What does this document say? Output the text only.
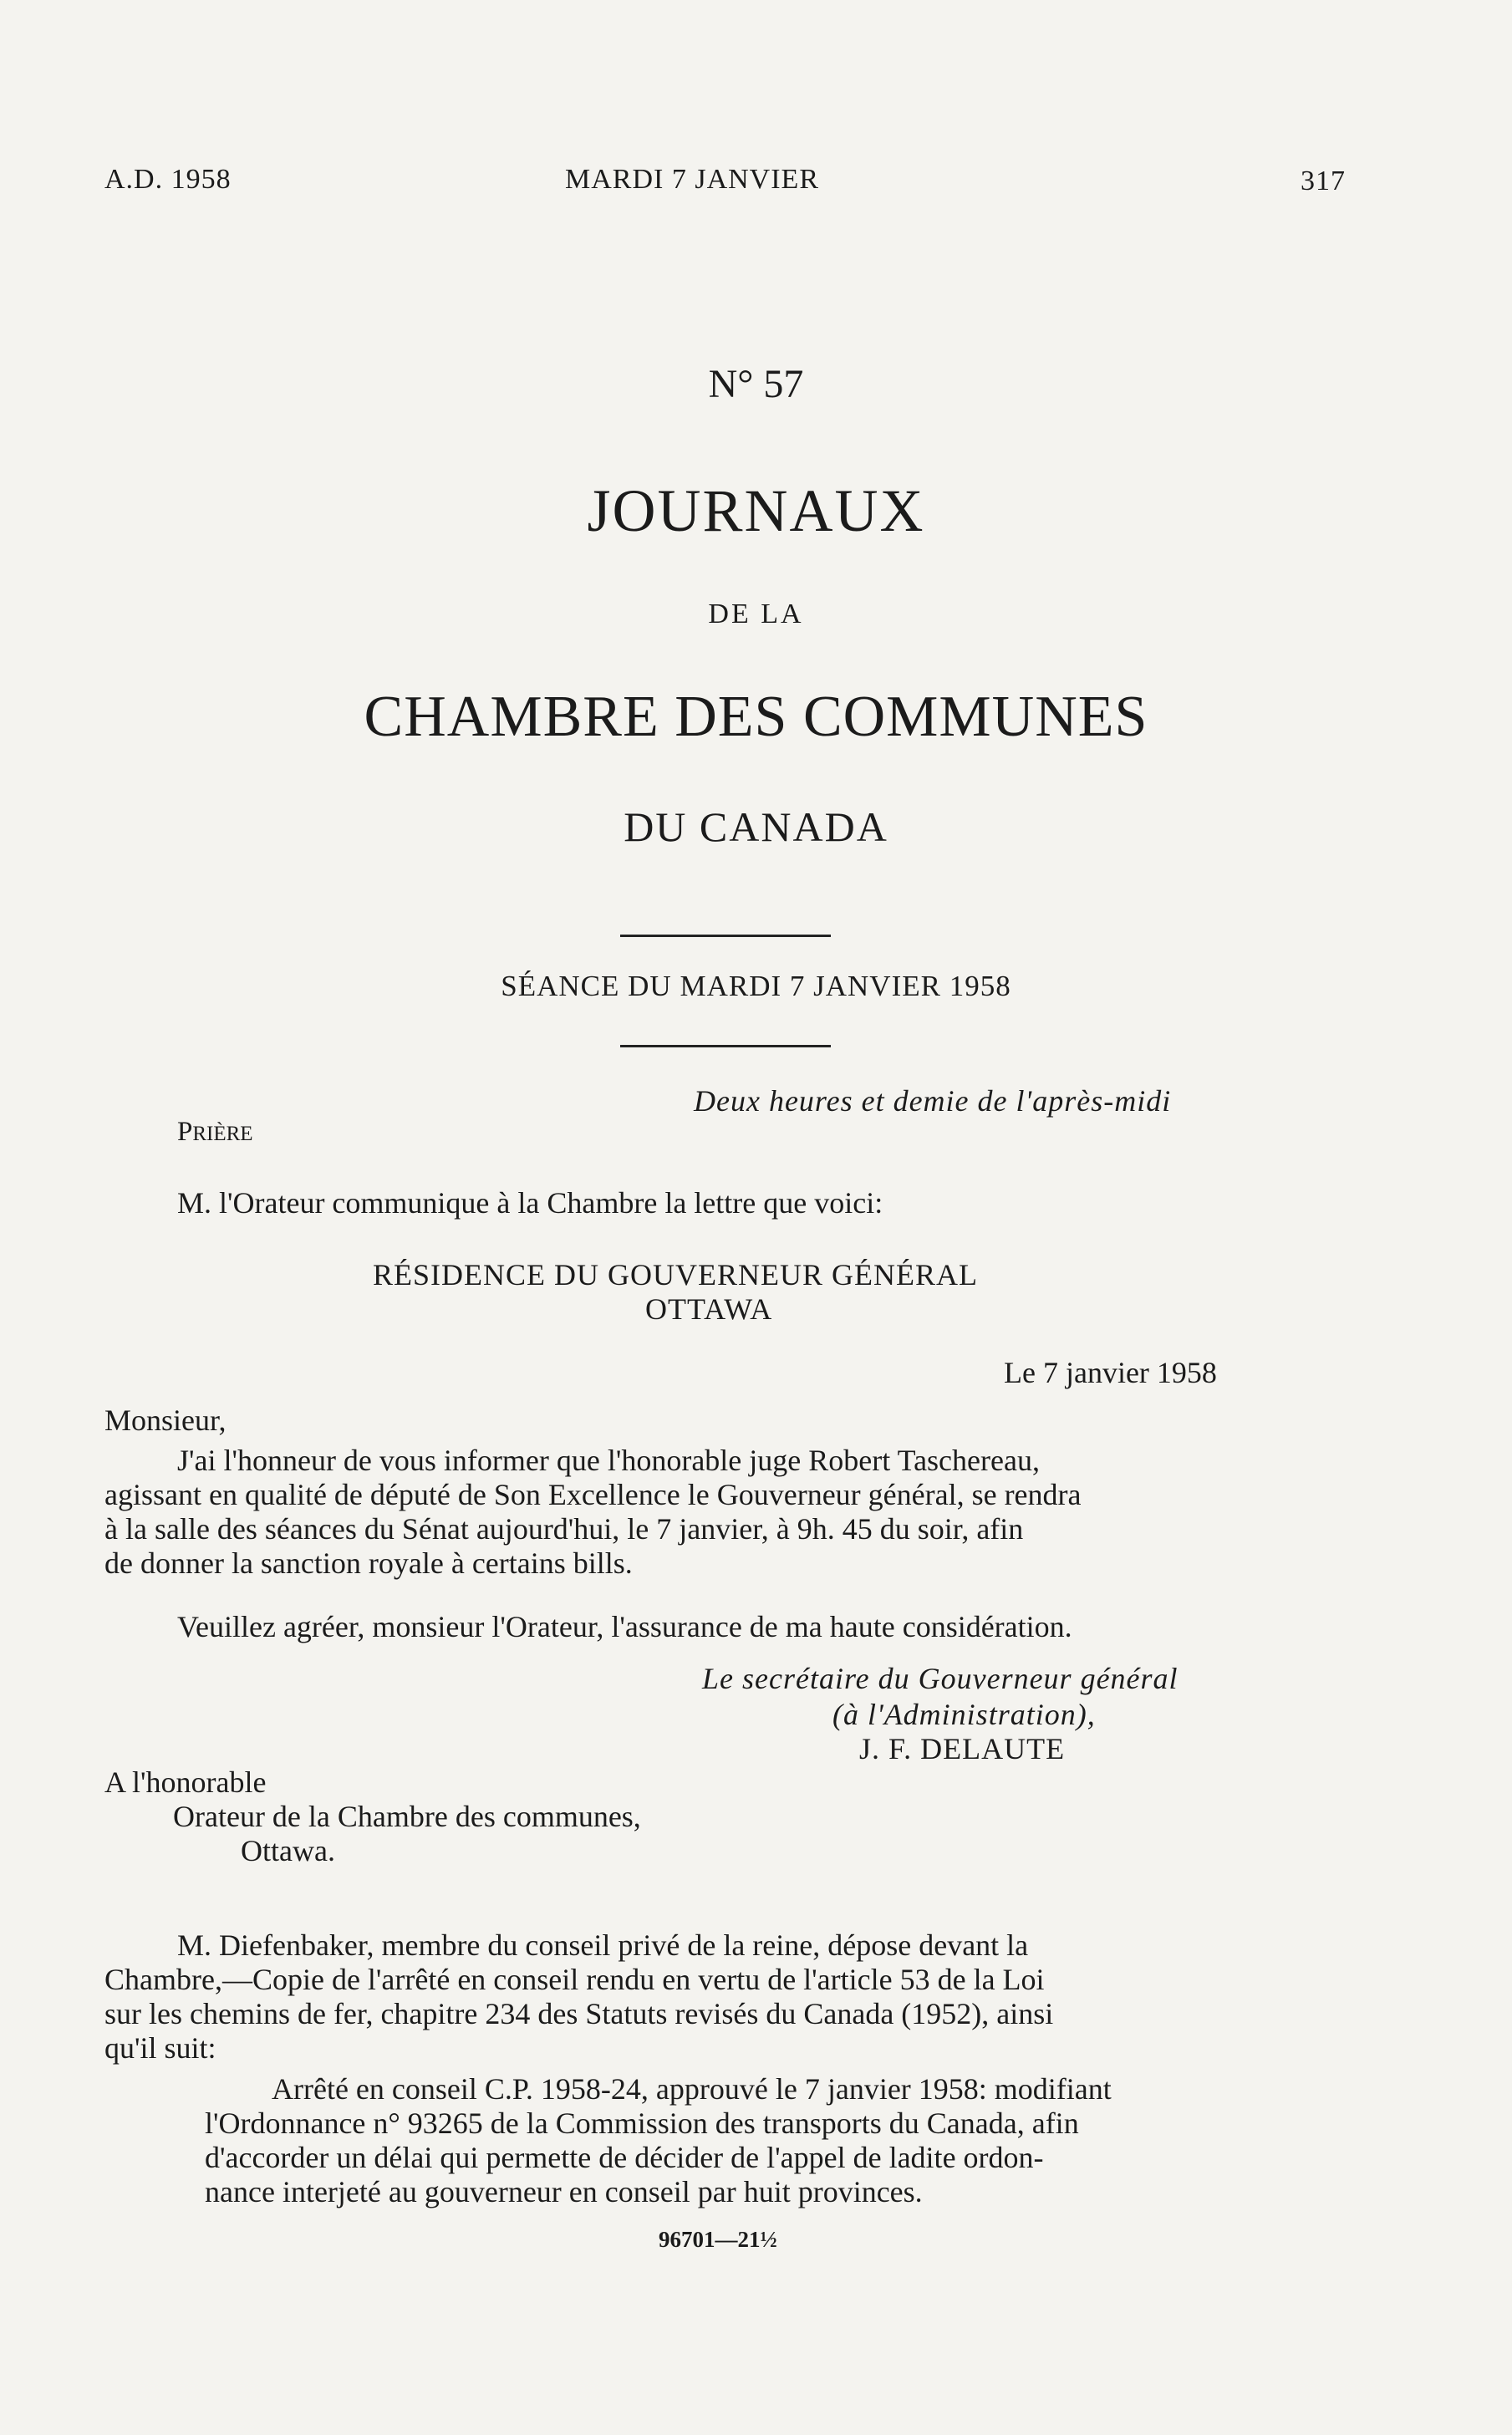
A.D. 1958	MARDI 7 JANVIER	317
N° 57
JOURNAUX
DE LA
CHAMBRE DES COMMUNES
DU CANADA
SÉANCE DU MARDI 7 JANVIER 1958
Deux heures et demie de l'après-midi
PRIÈRE
M. l'Orateur communique à la Chambre la lettre que voici:
RÉSIDENCE DU GOUVERNEUR GÉNÉRAL
OTTAWA
Le 7 janvier 1958
Monsieur,
J'ai l'honneur de vous informer que l'honorable juge Robert Taschereau,
agissant en qualité de député de Son Excellence le Gouverneur général, se rendra
à la salle des séances du Sénat aujourd'hui, le 7 janvier, à 9h. 45 du soir, afin
de donner la sanction royale à certains bills.
Veuillez agréer, monsieur l'Orateur, l'assurance de ma haute considération.
Le secrétaire du Gouverneur général
(à l'Administration),
J. F. DELAUTE
A l'honorable
Orateur de la Chambre des communes,
Ottawa.
M. Diefenbaker, membre du conseil privé de la reine, dépose devant la
Chambre,—Copie de l'arrêté en conseil rendu en vertu de l'article 53 de la Loi
sur les chemins de fer, chapitre 234 des Statuts revisés du Canada (1952), ainsi
qu'il suit:
Arrêté en conseil C.P. 1958-24, approuvé le 7 janvier 1958: modifiant
l'Ordonnance n° 93265 de la Commission des transports du Canada, afin
d'accorder un délai qui permette de décider de l'appel de ladite ordon-
nance interjeté au gouverneur en conseil par huit provinces.
96701—21½
